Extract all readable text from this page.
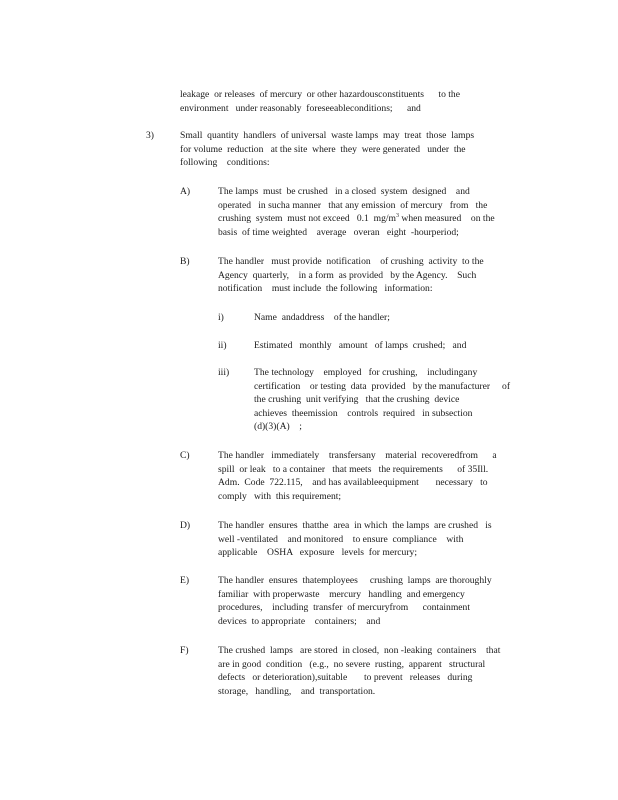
leakage  or releases  of mercury  or other hazardousconstituents      to the
environment   under reasonably  foreseeableconditions;      and
3)	Small  quantity  handlers  of universal  waste lamps  may  treat  those  lamps
for volume  reduction   at the site  where  they  were generated   under  the
following    conditions:
A)	The lamps  must  be crushed   in a closed  system  designed    and
operated   in sucha manner   that any emission  of mercury   from   the
crushing  system  must not exceed   0.1  $mg/m^3$ when measured    on the
basis  of time weighted    average   overan   eight  -hourperiod;
B)	The handler   must provide  notification    of crushing  activity  to the
Agency  quarterly,    in a form  as provided   by the Agency.    Such
notification    must include  the following   information:
i)	Name  andaddress    of the handler;
ii)	Estimated   monthly   amount   of lamps  crushed;   and
iii)	The technology    employed   for crushing,    includingany
certification    or testing  data  provided   by the manufacturer     of
the crushing  unit verifying   that the crushing  device
achieves  theemission    controls  required   in subsection
(d)(3)(A)    ;
C)	The handler   immediately    transfersany    material  recoveredfrom      a
spill  or leak   to a container   that meets   the requirements      of 35Ill.
Adm.  Code  722.115,    and has availableequipment       necessary   to
comply   with  this requirement;
D)	The handler  ensures  thatthe  area  in which  the lamps  are crushed   is
well -ventilated    and monitored    to ensure  compliance    with
applicable    OSHA   exposure   levels  for mercury;
E)	The handler  ensures  thatemployees     crushing  lamps  are thoroughly
familiar  with properwaste    mercury   handling  and emergency
procedures,    including  transfer  of mercuryfrom      containment
devices  to appropriate    containers;    and
F)	The crushed  lamps   are stored  in closed,  non -leaking  containers    that
are in good  condition   (e.g.,  no severe  rusting,  apparent   structural
defects   or deterioration),suitable       to prevent   releases   during
storage,   handling,    and  transportation.
